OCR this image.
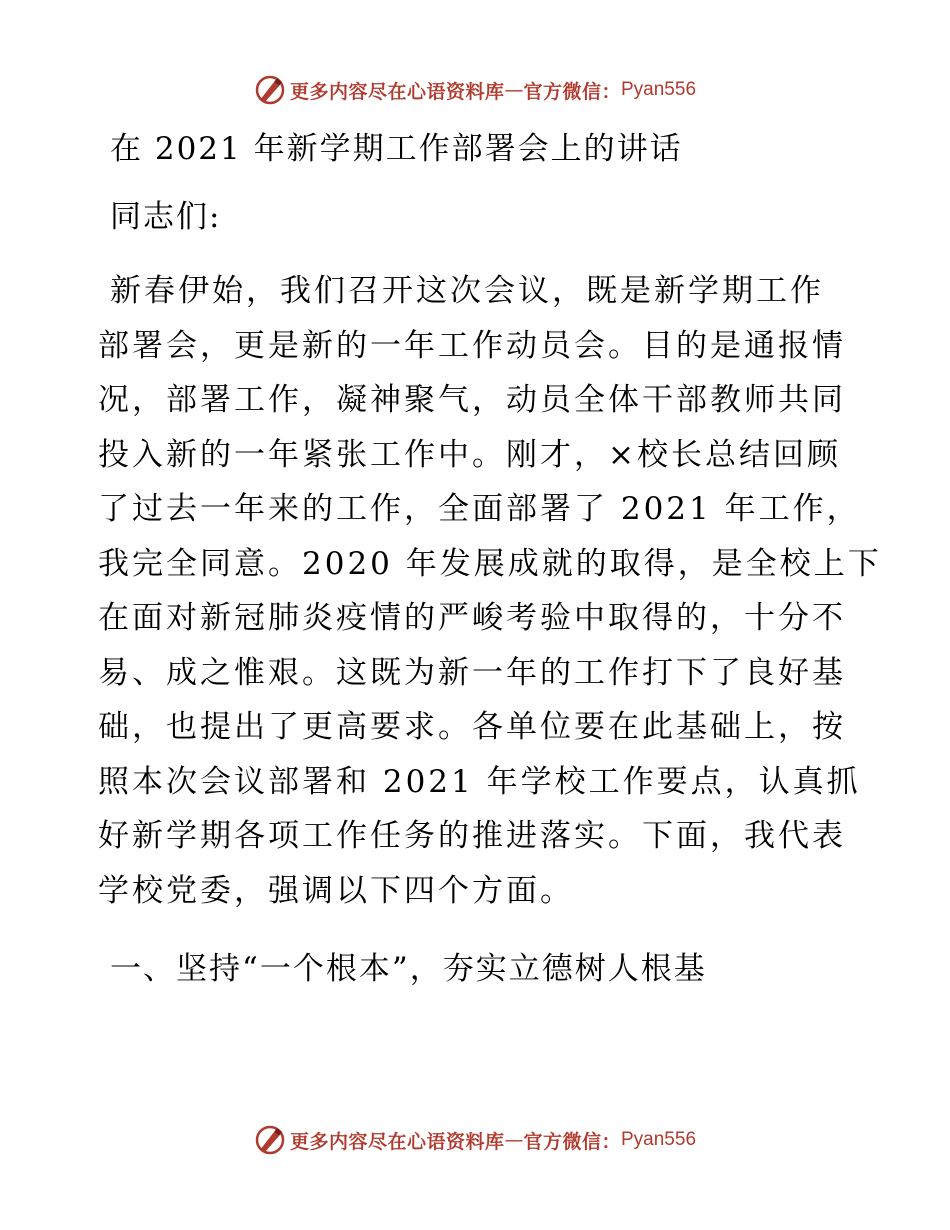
更多内容尽在心语资料库 — 官方微信： Pyan556
在 2021 年新学期工作部署会上的讲话

同志们:

新春伊始，我们召开这次会议，既是新学期工作
部署会，更是新的一年工作动员会。目的是通报情
况，部署工作，凝神聚气，动员全体干部教师共同
投入新的一年紧张工作中。刚才，×校长总结回顾
了过去一年来的工作，全面部署了 2021 年工作，
我完全同意。2020 年发展成就的取得，是全校上下
在面对新冠肺炎疫情的严峻考验中取得的，十分不
易、成之惟艰。这既为新一年的工作打下了良好基
础，也提出了更高要求。各单位要在此基础上，按
照本次会议部署和 2021 年学校工作要点，认真抓
好新学期各项工作任务的推进落实。下面，我代表
学校党委，强调以下四个方面。

一、坚持“一个根本”，夯实立德树人根基

更多内容尽在心语资料库 — 官方微信： Pyan556
